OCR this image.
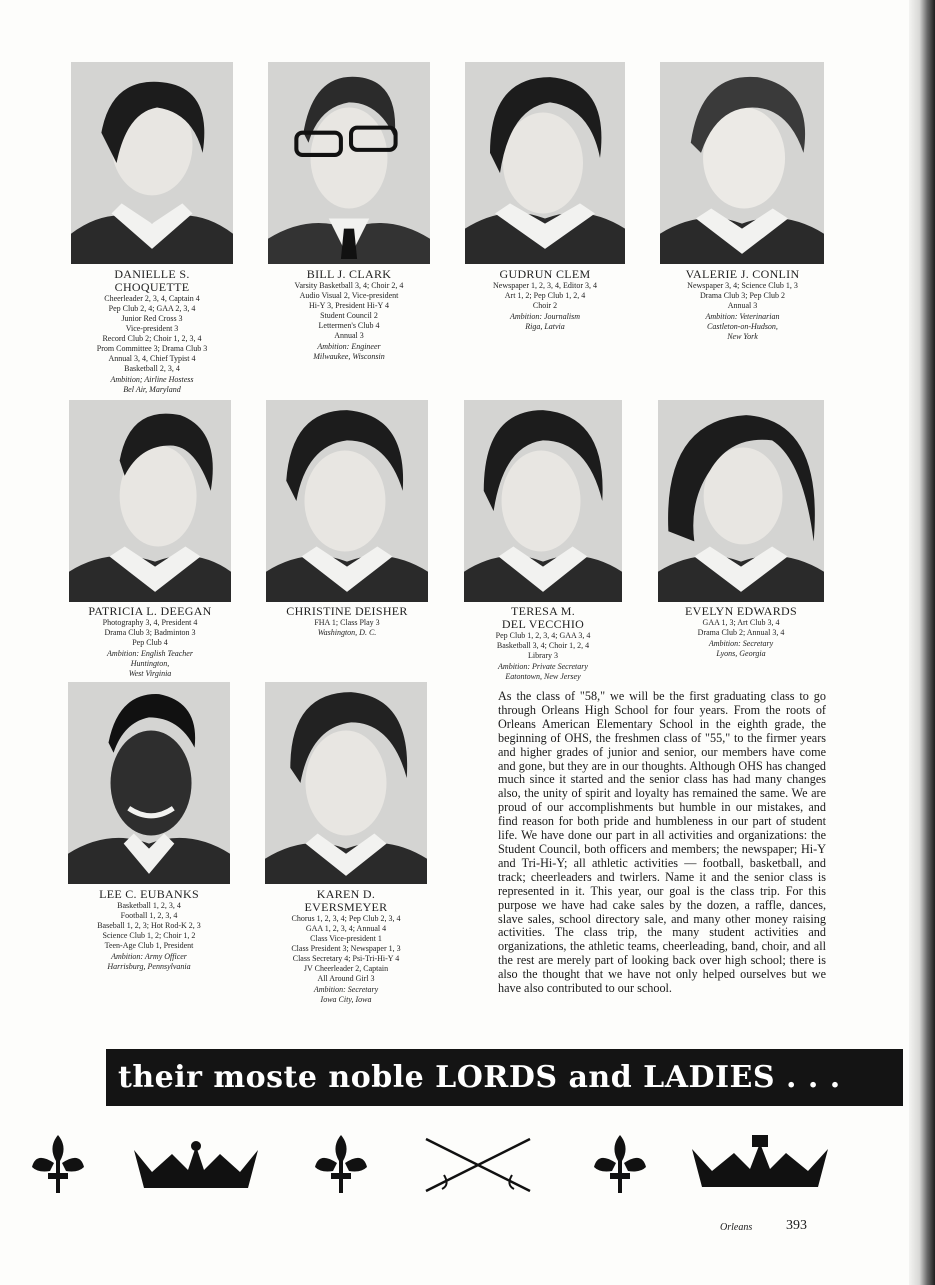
DANIELLE S.
CHOQUETTE
Cheerleader 2, 3, 4, Captain 4
Pep Club 2, 4; GAA 2, 3, 4
Junior Red Cross 3
Vice-president 3
Record Club 2; Choir 1, 2, 3, 4
Prom Committee 3; Drama Club 3
Annual 3, 4, Chief Typist 4
Basketball 2, 3, 4
Ambition; Airline Hostess
Bel Air, Maryland
BILL J. CLARK
Varsity Basketball 3, 4; Choir 2, 4
Audio Visual 2, Vice-president
Hi-Y 3, President Hi-Y 4
Student Council 2
Lettermen's Club 4
Annual 3
Ambition: Engineer
Milwaukee, Wisconsin
GUDRUN CLEM
Newspaper 1, 2, 3, 4, Editor 3, 4
Art 1, 2; Pep Club 1, 2, 4
Choir 2
Ambition: Journalism
Riga, Latvia
VALERIE J. CONLIN
Newspaper 3, 4; Science Club 1, 3
Drama Club 3; Pep Club 2
Annual 3
Ambition: Veterinarian
Castleton-on-Hudson,
New York
PATRICIA L. DEEGAN
Photography 3, 4, President 4
Drama Club 3; Badminton 3
Pep Club 4
Ambition: English Teacher
Huntington,
West Virginia
CHRISTINE DEISHER
FHA 1; Class Play 3
Washington, D. C.
TERESA M.
DEL VECCHIO
Pep Club 1, 2, 3, 4; GAA 3, 4
Basketball 3, 4; Choir 1, 2, 4
Library 3
Ambition: Private Secretary
Eatontown, New Jersey
EVELYN EDWARDS
GAA 1, 3; Art Club 3, 4
Drama Club 2; Annual 3, 4
Ambition: Secretary
Lyons, Georgia
LEE C. EUBANKS
Basketball 1, 2, 3, 4
Football 1, 2, 3, 4
Baseball 1, 2, 3; Hot Rod-K 2, 3
Science Club 1, 2; Choir 1, 2
Teen-Age Club 1, President
Ambition: Army Officer
Harrisburg, Pennsylvania
KAREN D.
EVERSMEYER
Chorus 1, 2, 3, 4; Pep Club 2, 3, 4
GAA 1, 2, 3, 4; Annual 4
Class Vice-president 1
Class President 3; Newspaper 1, 3
Class Secretary 4; Psi-Tri-Hi-Y 4
JV Cheerleader 2, Captain
All Around Girl 3
Ambition: Secretary
Iowa City, Iowa
As the class of "58," we will be the first graduating class to go through Orleans High School for four years. From the roots of Orleans American Elementary School in the eighth grade, the beginning of OHS, the freshmen class of "55," to the firmer years and higher grades of junior and senior, our members have come and gone, but they are in our thoughts. Although OHS has changed much since it started and the senior class has had many changes also, the unity of spirit and loyalty has remained the same. We are proud of our accomplishments but humble in our mistakes, and find reason for both pride and humbleness in our part of student life. We have done our part in all activities and organizations: the Student Council, both officers and members; the newspaper; Hi-Y and Tri-Hi-Y; all athletic activities — football, basketball, and track; cheerleaders and twirlers. Name it and the senior class is represented in it. This year, our goal is the class trip. For this purpose we have had cake sales by the dozen, a raffle, dances, slave sales, school directory sale, and many other money raising activities. The class trip, the many student activities and organizations, the athletic teams, cheerleading, band, choir, and all the rest are merely part of looking back over high school; there is also the thought that we have not only helped ourselves but we have also contributed to our school.
their moste noble LORDS and LADIES . . .
Orleans 393
